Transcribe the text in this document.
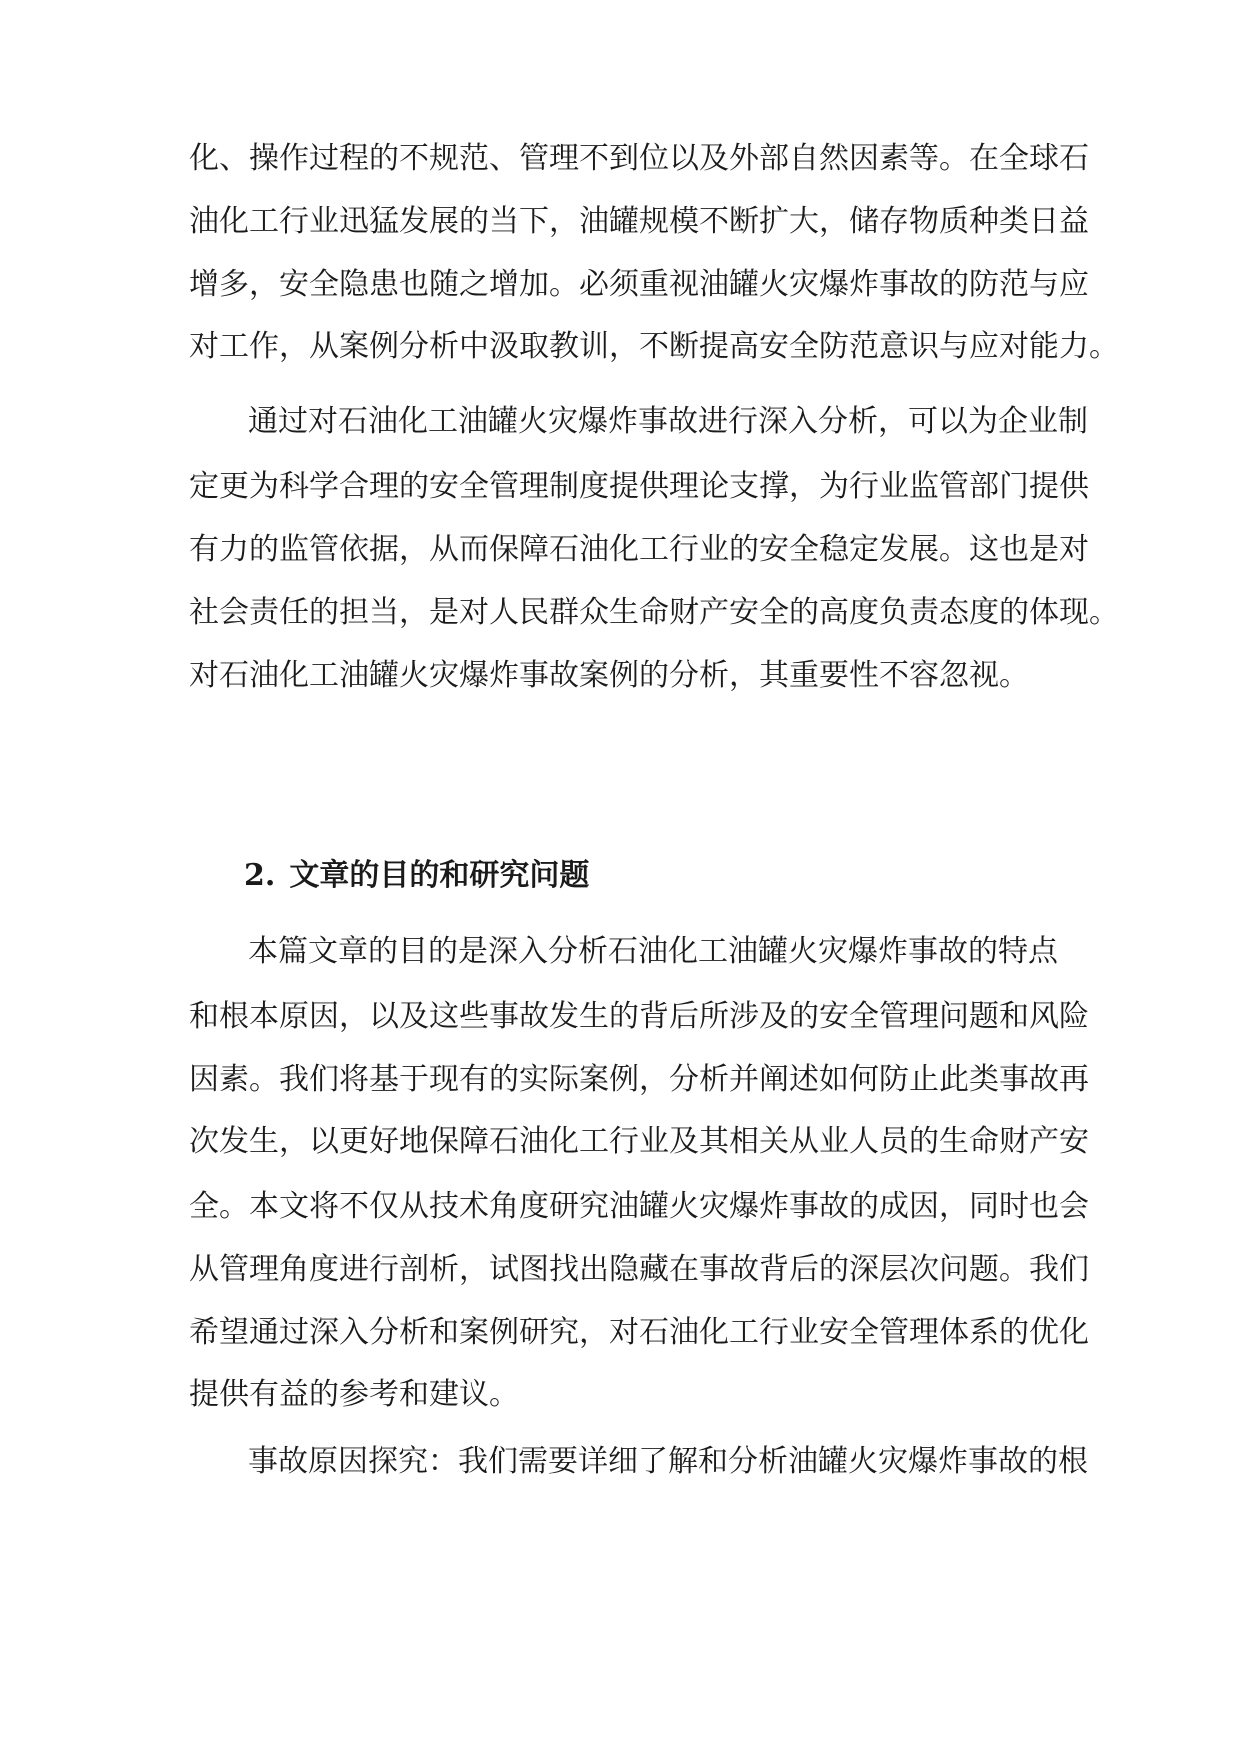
化、操作过程的不规范、管理不到位以及外部自然因素等。在全球石
油化工行业迅猛发展的当下，油罐规模不断扩大，储存物质种类日益
增多，安全隐患也随之增加。必须重视油罐火灾爆炸事故的防范与应
对工作，从案例分析中汲取教训，不断提高安全防范意识与应对能力。
通过对石油化工油罐火灾爆炸事故进行深入分析，可以为企业制
定更为科学合理的安全管理制度提供理论支撑，为行业监管部门提供
有力的监管依据，从而保障石油化工行业的安全稳定发展。这也是对
社会责任的担当，是对人民群众生命财产安全的高度负责态度的体现。
对石油化工油罐火灾爆炸事故案例的分析，其重要性不容忽视。
2. 文章的目的和研究问题
本篇文章的目的是深入分析石油化工油罐火灾爆炸事故的特点
和根本原因，以及这些事故发生的背后所涉及的安全管理问题和风险
因素。我们将基于现有的实际案例，分析并阐述如何防止此类事故再
次发生，以更好地保障石油化工行业及其相关从业人员的生命财产安
全。本文将不仅从技术角度研究油罐火灾爆炸事故的成因，同时也会
从管理角度进行剖析，试图找出隐藏在事故背后的深层次问题。我们
希望通过深入分析和案例研究，对石油化工行业安全管理体系的优化
提供有益的参考和建议。
事故原因探究：我们需要详细了解和分析油罐火灾爆炸事故的根
